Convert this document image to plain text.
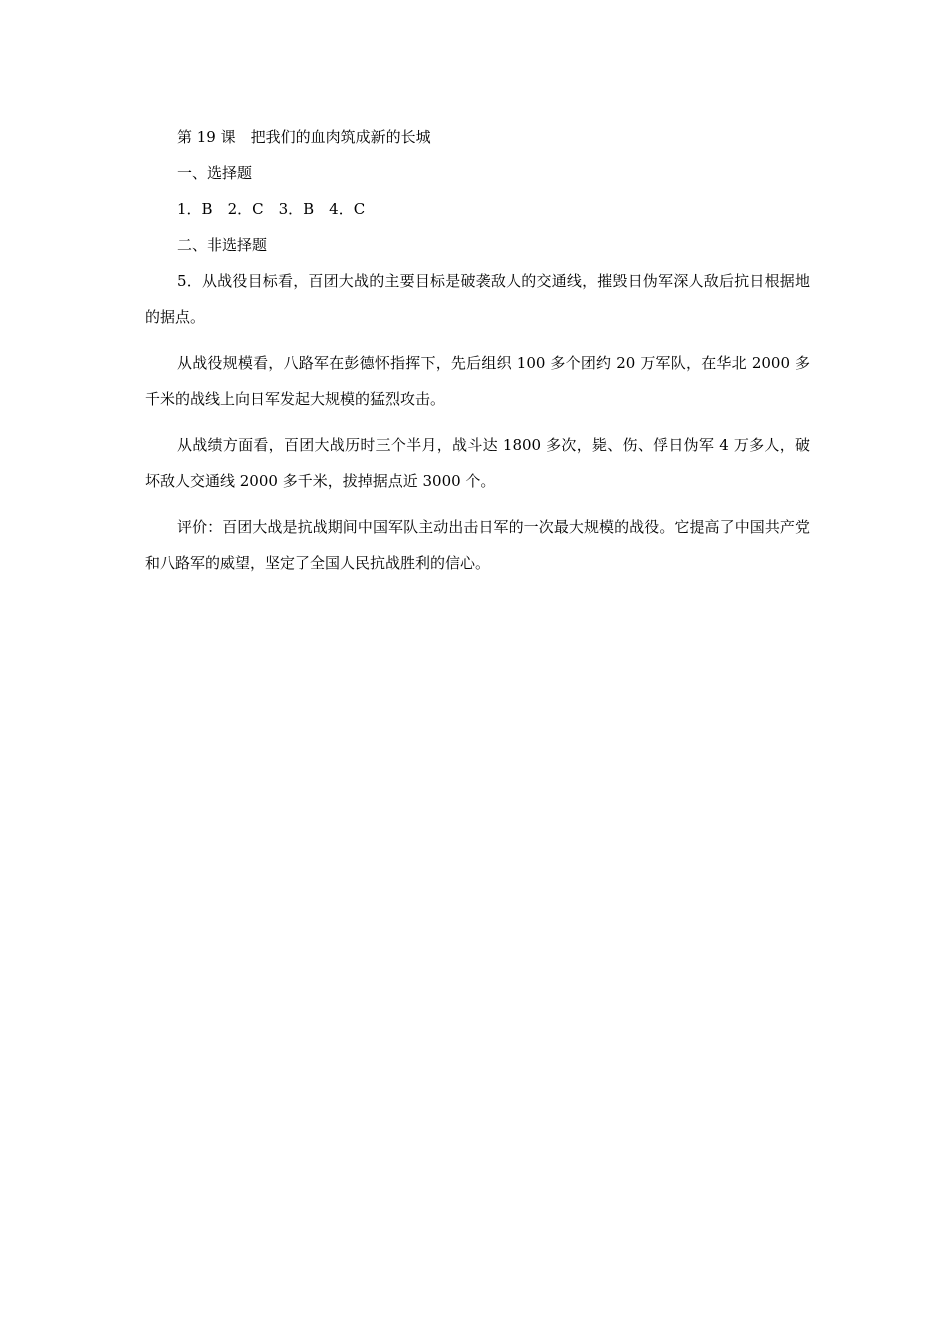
第 19 课　把我们的血肉筑成新的长城

一、选择题

1．B　2．C　3．B　4．C

二、非选择题

5．从战役目标看，百团大战的主要目标是破袭敌人的交通线，摧毁日伪军深人敌后抗日根据地的据点。

从战役规模看，八路军在彭德怀指挥下，先后组织 100 多个团约 20 万军队，在华北 2000 多千米的战线上向日军发起大规模的猛烈攻击。

从战绩方面看，百团大战历时三个半月，战斗达 1800 多次，毙、伤、俘日伪军 4 万多人，破坏敌人交通线 2000 多千米，拔掉据点近 3000 个。

评价：百团大战是抗战期间中国军队主动出击日军的一次最大规模的战役。它提高了中国共产党和八路军的威望，坚定了全国人民抗战胜利的信心。
